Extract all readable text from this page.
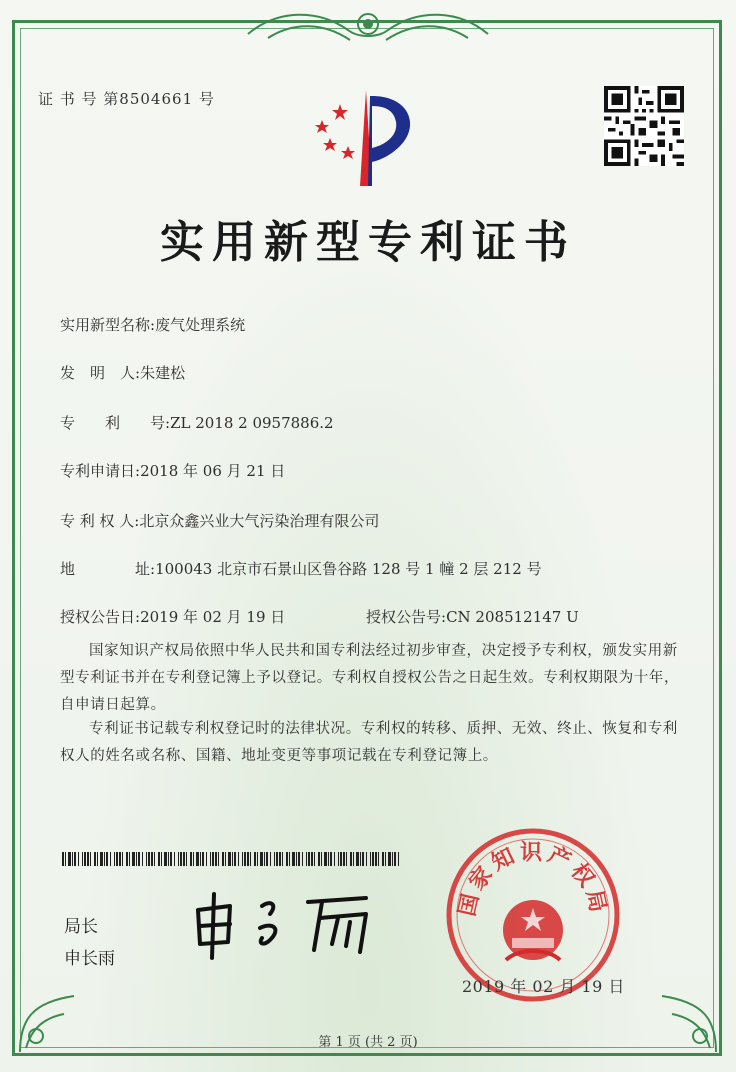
证 书 号 第8504661 号
实用新型专利证书
实用新型名称:废气处理系统
发　明　人:朱建松
专　　利　　号:ZL 2018 2 0957886.2
专利申请日:2018 年 06 月 21 日
专 利 权 人:北京众鑫兴业大气污染治理有限公司
地　　　　址:100043 北京市石景山区鲁谷路 128 号 1 幢 2 层 212 号
授权公告日:2019 年 02 月 19 日	授权公告号:CN 208512147 U
国家知识产权局依照中华人民共和国专利法经过初步审查，决定授予专利权，颁发实用新型专利证书并在专利登记簿上予以登记。专利权自授权公告之日起生效。专利权期限为十年，自申请日起算。
专利证书记载专利权登记时的法律状况。专利权的转移、质押、无效、终止、恢复和专利权人的姓名或名称、国籍、地址变更等事项记载在专利登记簿上。
局长
申长雨
国家知识产权局
2019 年 02 月 19 日
第 1 页 (共 2 页)
